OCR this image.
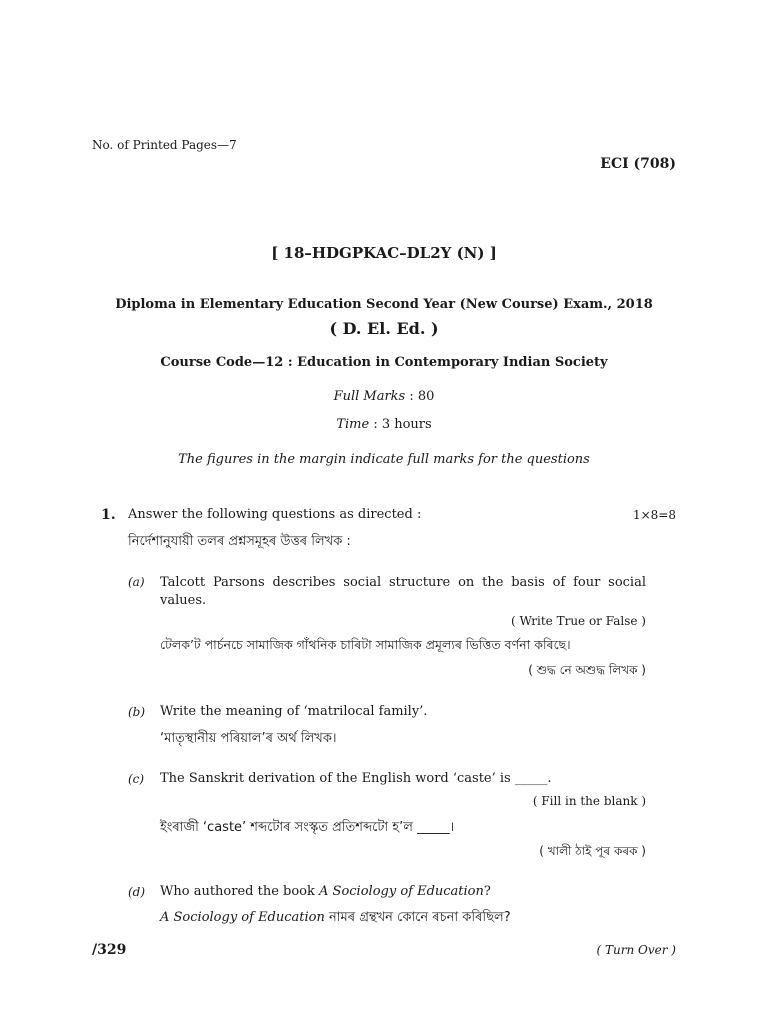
No. of Printed Pages—7
ECI (708)
[ 18–HDGPKAC–DL2Y (N) ]
Diploma in Elementary Education Second Year (New Course) Exam., 2018
( D. El. Ed. )
Course Code—12 : Education in Contemporary Indian Society
Full Marks : 80
Time : 3 hours
The figures in the margin indicate full marks for the questions
1. Answer the following questions as directed :	1×8=8
নির্দেশানুযায়ী তলৰ প্ৰশ্নসমূহৰ উত্তৰ লিখক :
(a) Talcott Parsons describes social structure on the basis of four social values.
( Write True or False )
টেলক’ট পাৰ্চনচে সামাজিক গাঁথনিক চাৰিটা সামাজিক প্ৰমূল্যৰ ভিত্তিত বৰ্ণনা কৰিছে।
( শুদ্ধ নে অশুদ্ধ লিখক )
(b) Write the meaning of ‘matrilocal family’.
‘মাতৃস্থানীয় পৰিয়াল’ৰ অৰ্থ লিখক।
(c) The Sanskrit derivation of the English word ‘caste’ is _____.
( Fill in the blank )
ইংৰাজী ‘caste’ শব্দটোৰ সংস্কৃত প্ৰতিশব্দটো হ’ল _____।
( খালী ঠাই পূৰ কৰক )
(d) Who authored the book A Sociology of Education?
A Sociology of Education নামৰ গ্ৰন্থখন কোনে ৰচনা কৰিছিল?
/329	( Turn Over )
